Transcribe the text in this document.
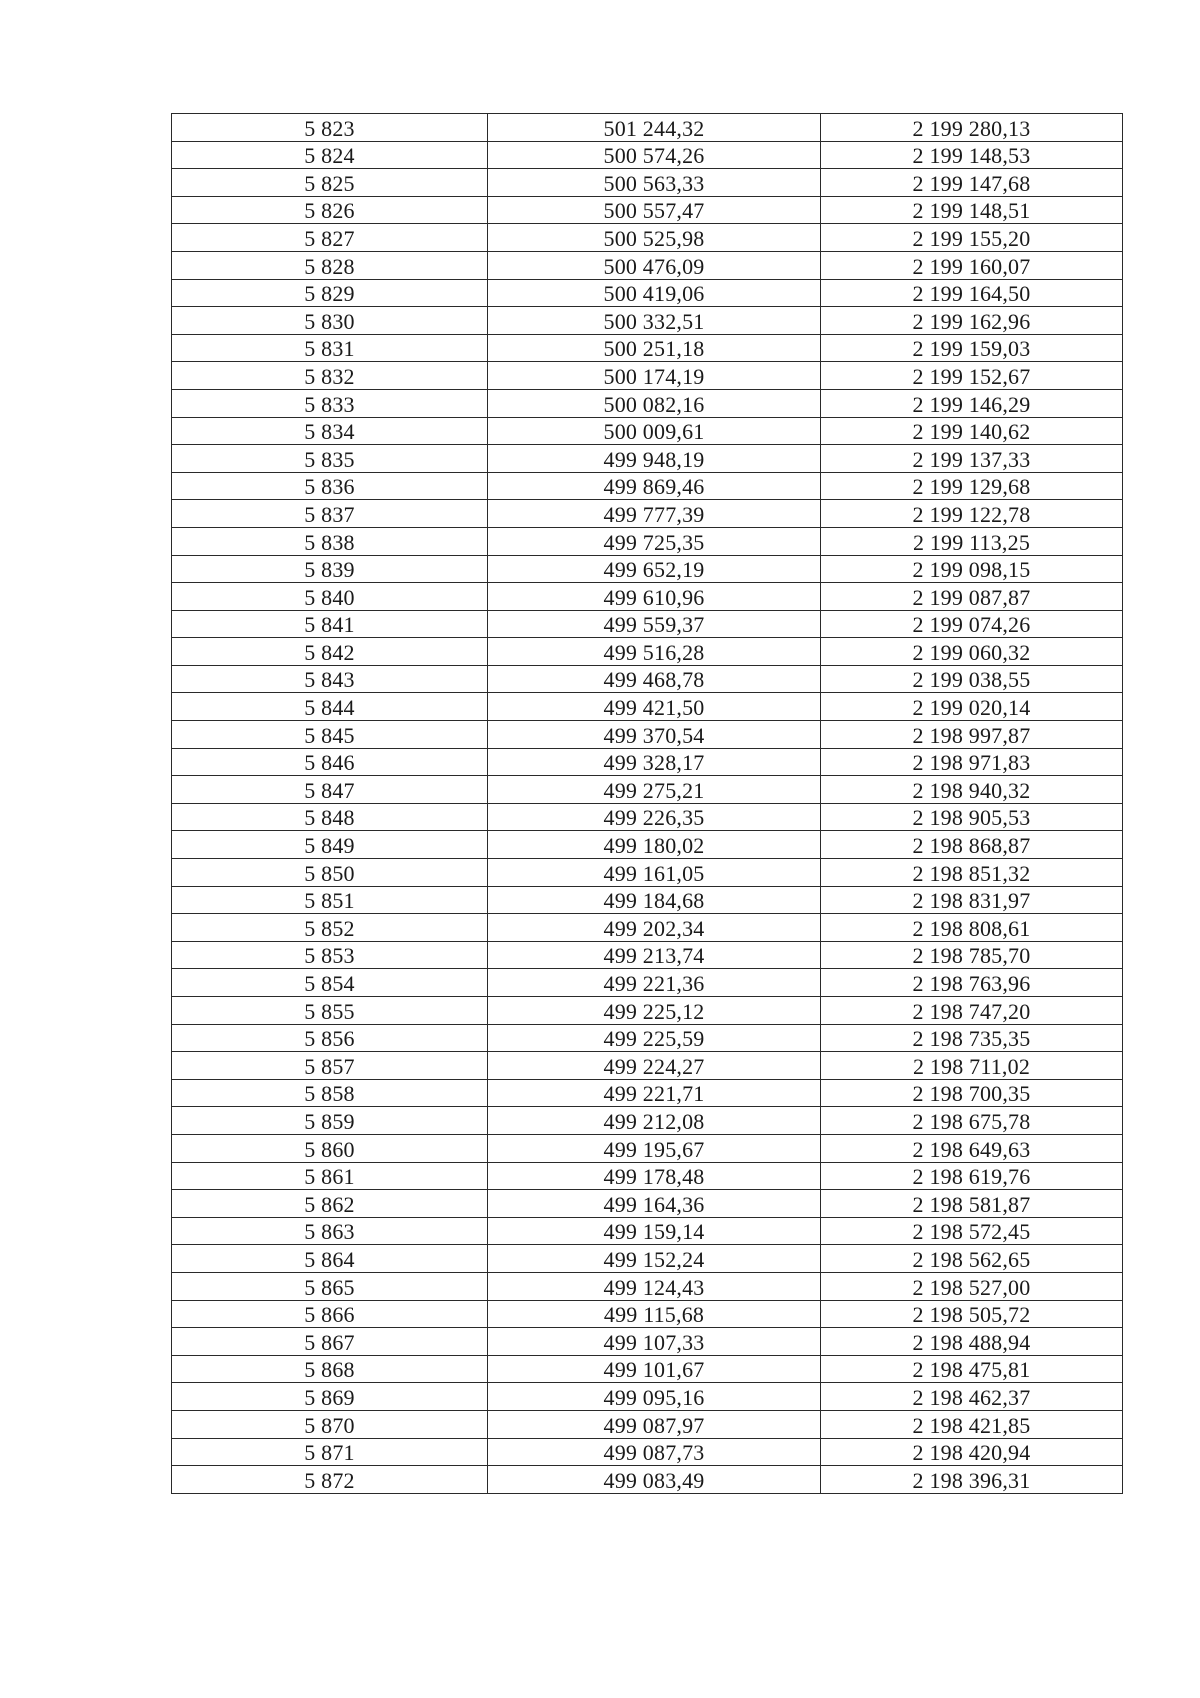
5 823	501 244,32	2 199 280,13
5 824	500 574,26	2 199 148,53
5 825	500 563,33	2 199 147,68
5 826	500 557,47	2 199 148,51
5 827	500 525,98	2 199 155,20
5 828	500 476,09	2 199 160,07
5 829	500 419,06	2 199 164,50
5 830	500 332,51	2 199 162,96
5 831	500 251,18	2 199 159,03
5 832	500 174,19	2 199 152,67
5 833	500 082,16	2 199 146,29
5 834	500 009,61	2 199 140,62
5 835	499 948,19	2 199 137,33
5 836	499 869,46	2 199 129,68
5 837	499 777,39	2 199 122,78
5 838	499 725,35	2 199 113,25
5 839	499 652,19	2 199 098,15
5 840	499 610,96	2 199 087,87
5 841	499 559,37	2 199 074,26
5 842	499 516,28	2 199 060,32
5 843	499 468,78	2 199 038,55
5 844	499 421,50	2 199 020,14
5 845	499 370,54	2 198 997,87
5 846	499 328,17	2 198 971,83
5 847	499 275,21	2 198 940,32
5 848	499 226,35	2 198 905,53
5 849	499 180,02	2 198 868,87
5 850	499 161,05	2 198 851,32
5 851	499 184,68	2 198 831,97
5 852	499 202,34	2 198 808,61
5 853	499 213,74	2 198 785,70
5 854	499 221,36	2 198 763,96
5 855	499 225,12	2 198 747,20
5 856	499 225,59	2 198 735,35
5 857	499 224,27	2 198 711,02
5 858	499 221,71	2 198 700,35
5 859	499 212,08	2 198 675,78
5 860	499 195,67	2 198 649,63
5 861	499 178,48	2 198 619,76
5 862	499 164,36	2 198 581,87
5 863	499 159,14	2 198 572,45
5 864	499 152,24	2 198 562,65
5 865	499 124,43	2 198 527,00
5 866	499 115,68	2 198 505,72
5 867	499 107,33	2 198 488,94
5 868	499 101,67	2 198 475,81
5 869	499 095,16	2 198 462,37
5 870	499 087,97	2 198 421,85
5 871	499 087,73	2 198 420,94
5 872	499 083,49	2 198 396,31
